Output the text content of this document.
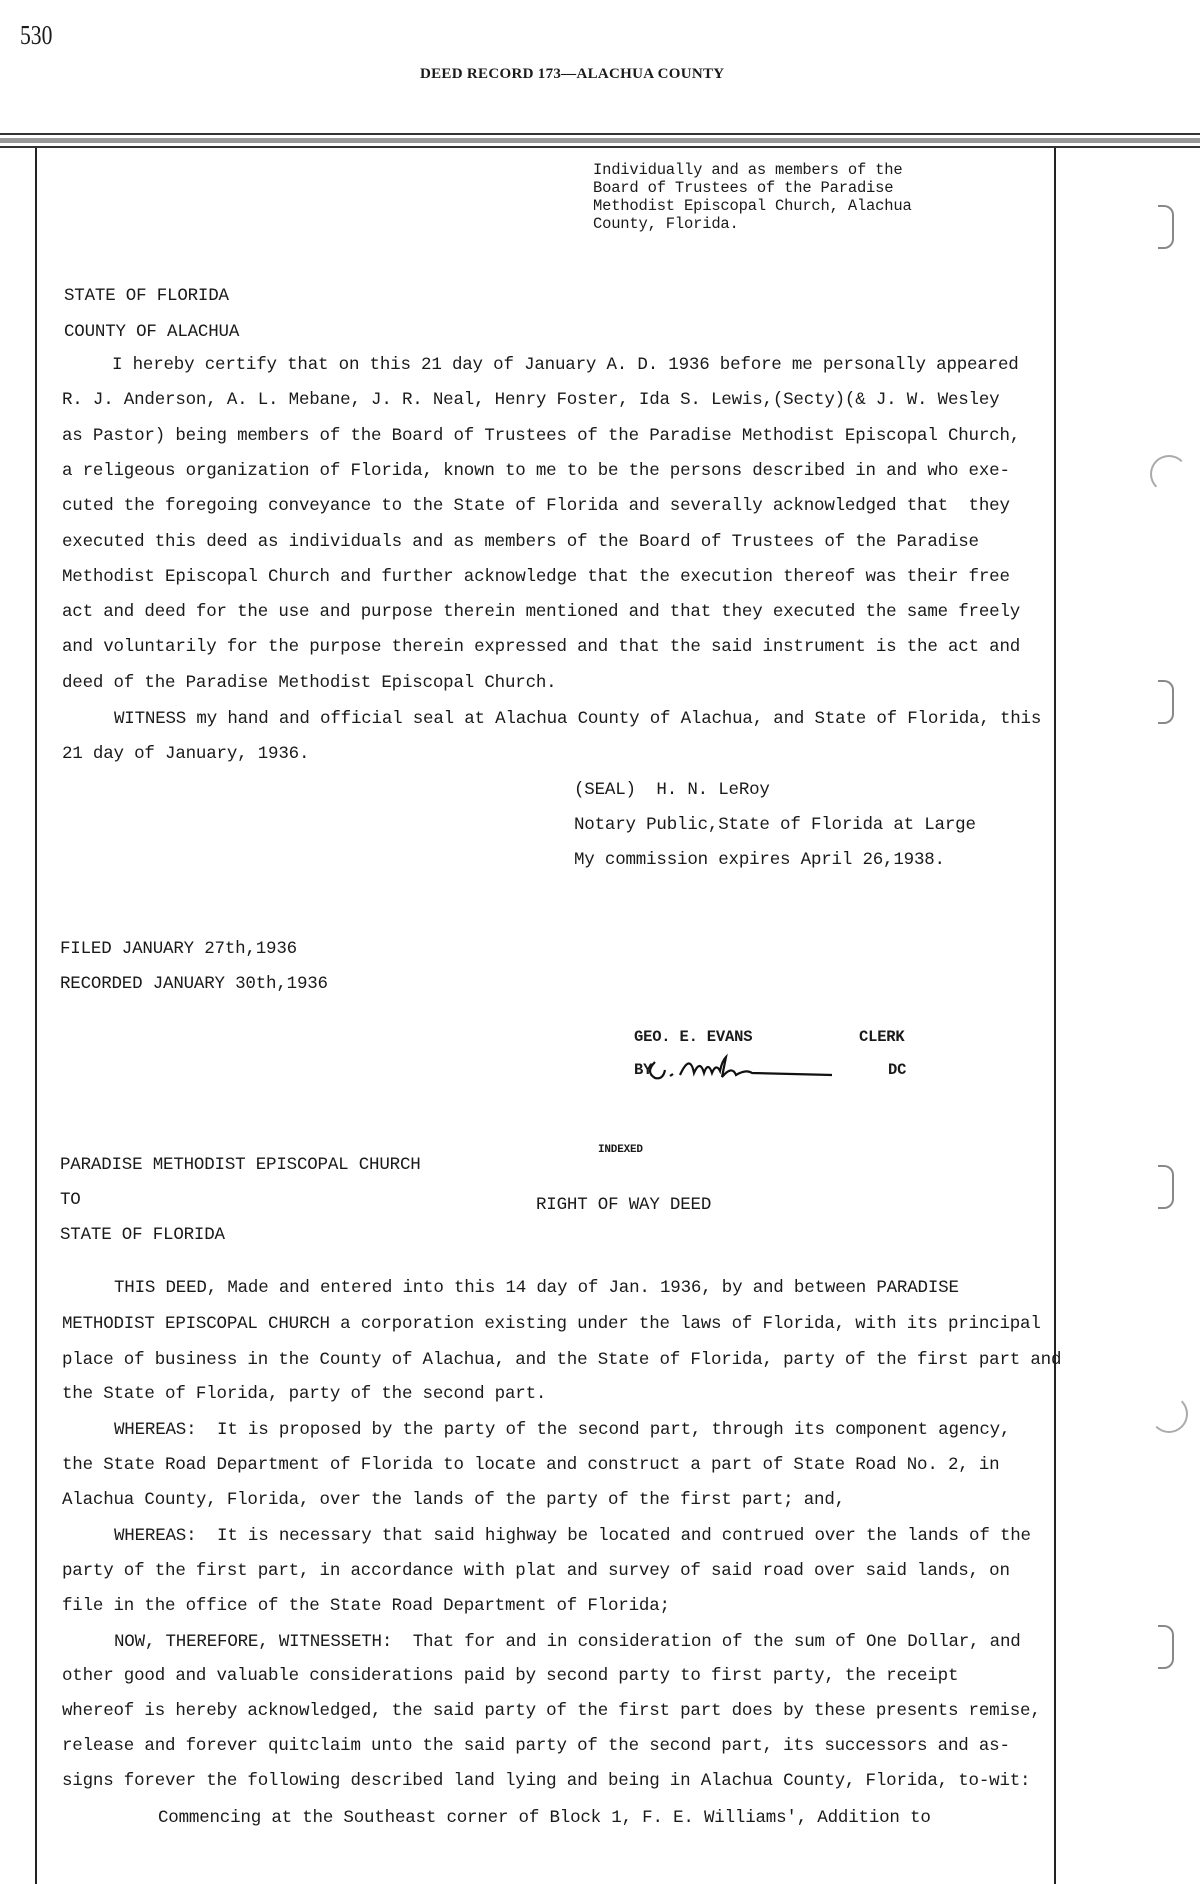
530
DEED RECORD 173—ALACHUA COUNTY
Individually and as members of the
Board of Trustees of the Paradise
Methodist Episcopal Church, Alachua
County, Florida.
STATE OF FLORIDA
COUNTY OF ALACHUA
I hereby certify that on this 21 day of January A. D. 1936 before me personally appeared
R. J. Anderson, A. L. Mebane, J. R. Neal, Henry Foster, Ida S. Lewis,(Secty)(& J. W. Wesley
as Pastor) being members of the Board of Trustees of the Paradise Methodist Episcopal Church,
a religeous organization of Florida, known to me to be the persons described in and who exe-
cuted the foregoing conveyance to the State of Florida and severally acknowledged that  they
executed this deed as individuals and as members of the Board of Trustees of the Paradise
Methodist Episcopal Church and further acknowledge that the execution thereof was their free
act and deed for the use and purpose therein mentioned and that they executed the same freely
and voluntarily for the purpose therein expressed and that the said instrument is the act and
deed of the Paradise Methodist Episcopal Church.
WITNESS my hand and official seal at Alachua County of Alachua, and State of Florida, this
21 day of January, 1936.
(SEAL)  H. N. LeRoy
Notary Public,State of Florida at Large
My commission expires April 26,1938.
FILED JANUARY 27th,1936
RECORDED JANUARY 30th,1936
GEO. E. EVANS	CLERK
BY	DC
INDEXED
PARADISE METHODIST EPISCOPAL CHURCH
TO
STATE OF FLORIDA
RIGHT OF WAY DEED
THIS DEED, Made and entered into this 14 day of Jan. 1936, by and between PARADISE
METHODIST EPISCOPAL CHURCH a corporation existing under the laws of Florida, with its principal
place of business in the County of Alachua, and the State of Florida, party of the first part and
the State of Florida, party of the second part.
WHEREAS:  It is proposed by the party of the second part, through its component agency,
the State Road Department of Florida to locate and construct a part of State Road No. 2, in
Alachua County, Florida, over the lands of the party of the first part; and,
WHEREAS:  It is necessary that said highway be located and contrued over the lands of the
party of the first part, in accordance with plat and survey of said road over said lands, on
file in the office of the State Road Department of Florida;
NOW, THEREFORE, WITNESSETH:  That for and in consideration of the sum of One Dollar, and
other good and valuable considerations paid by second party to first party, the receipt
whereof is hereby acknowledged, the said party of the first part does by these presents remise,
release and forever quitclaim unto the said party of the second part, its successors and as-
signs forever the following described land lying and being in Alachua County, Florida, to-wit:
Commencing at the Southeast corner of Block 1, F. E. Williams', Addition to
